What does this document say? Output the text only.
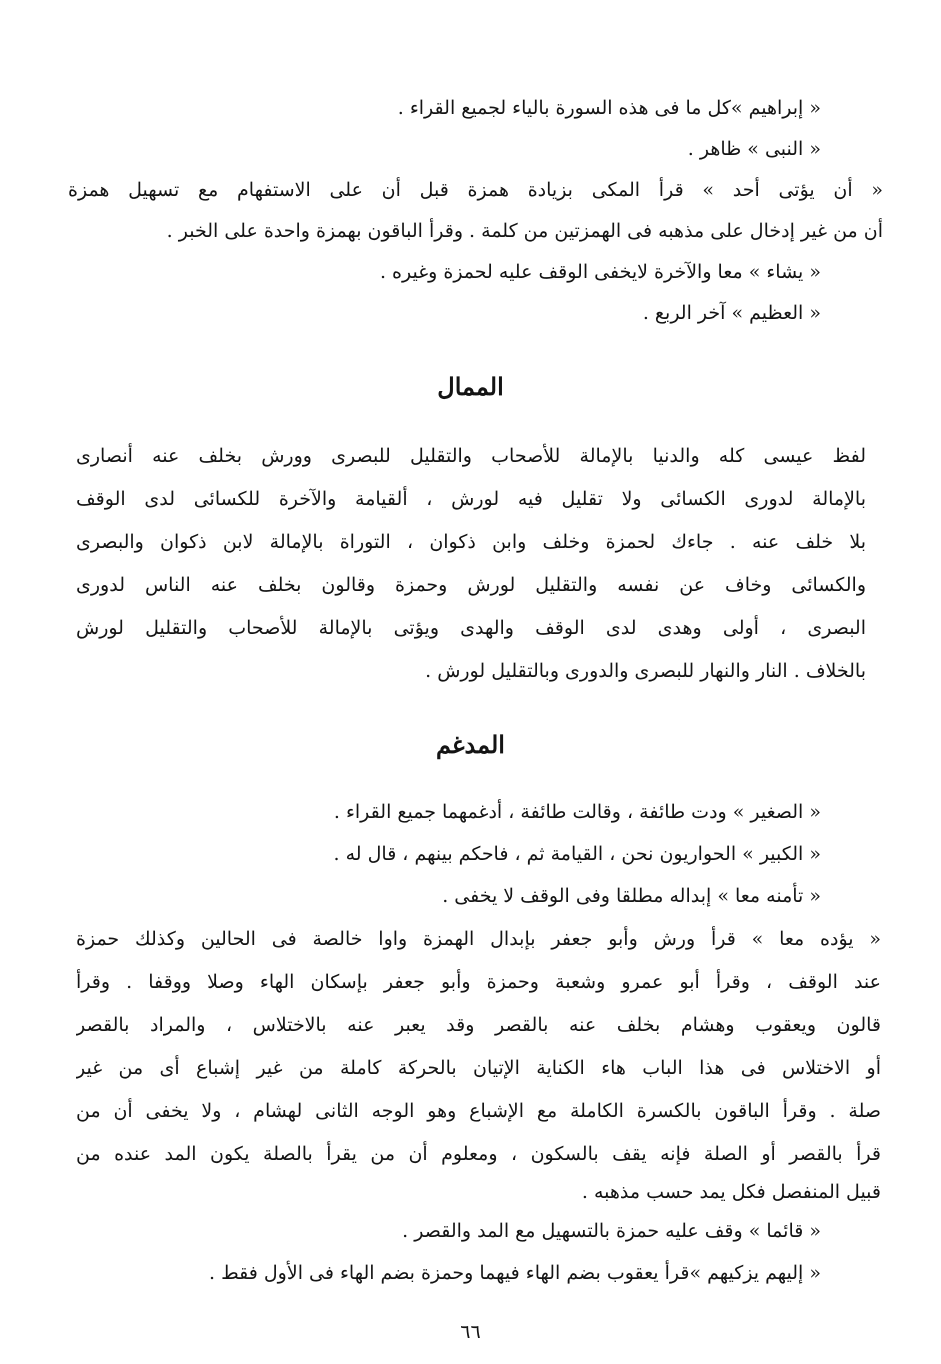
« إبراهيم »كل ما فى هذه السورة بالياء لجميع القراء .
« النبى » ظاهر .
« أن يؤتى أحد » قرأ المكى بزيادة همزة قبل أن على الاستفهام مع تسهيل همزة
أن من غير إدخال على مذهبه فى الهمزتين من كلمة . وقرأ الباقون بهمزة واحدة على الخبر .
« يشاء » معا والآخرة لايخفى الوقف عليه لحمزة وغيره .
« العظيم » آخر الربع .
الممال
لفظ عيسى كله والدنيا بالإمالة للأصحاب والتقليل للبصرى وورش بخلف عنه أنصارى
بالإمالة لدورى الكسائى ولا تقليل فيه لورش ، ألقيامة والآخرة للكسائى لدى الوقف
بلا خلف عنه . جاءك لحمزة وخلف وابن ذكوان ، التوراة بالإمالة لابن ذكوان والبصرى
والكسائى وخاف عن نفسه والتقليل لورش وحمزة وقالون بخلف عنه الناس لدورى
البصرى ، أولى وهدى لدى الوقف والهدى ويؤتى بالإمالة للأصحاب والتقليل لورش
بالخلاف . النار والنهار للبصرى والدورى وبالتقليل لورش .
المدغم
« الصغير » ودت طائفة ، وقالت طائفة ، أدغمهما جميع القراء .
« الكبير » الحواريون نحن ، القيامة ثم ، فاحكم بينهم ، قال له .
« تأمنه معا » إبداله مطلقا وفى الوقف لا يخفى .
« يؤده معا » قرأ ورش وأبو جعفر بإبدال الهمزة واوا خالصة فى الحالين وكذلك حمزة
عند الوقف ، وقرأ أبو عمرو وشعبة وحمزة وأبو جعفر بإسكان الهاء وصلا ووقفا . وقرأ
قالون ويعقوب وهشام بخلف عنه بالقصر وقد يعبر عنه بالاختلاس ، والمراد بالقصر
أو الاختلاس فى هذا الباب هاء الكناية الإتيان بالحركة كاملة من غير إشباع أى من غير
صلة . وقرأ الباقون بالكسرة الكاملة مع الإشباع وهو الوجه الثانى لهشام ، ولا يخفى أن من
قرأ بالقصر أو الصلة فإنه يقف بالسكون ، ومعلوم أن من يقرأ بالصلة يكون المد عنده من
قبيل المنفصل فكل يمد حسب مذهبه .
« قائما » وقف عليه حمزة بالتسهيل مع المد والقصر .
« إليهم يزكيهم »قرأ يعقوب بضم الهاء فيهما وحمزة بضم الهاء فى الأول فقط .
٦٦
